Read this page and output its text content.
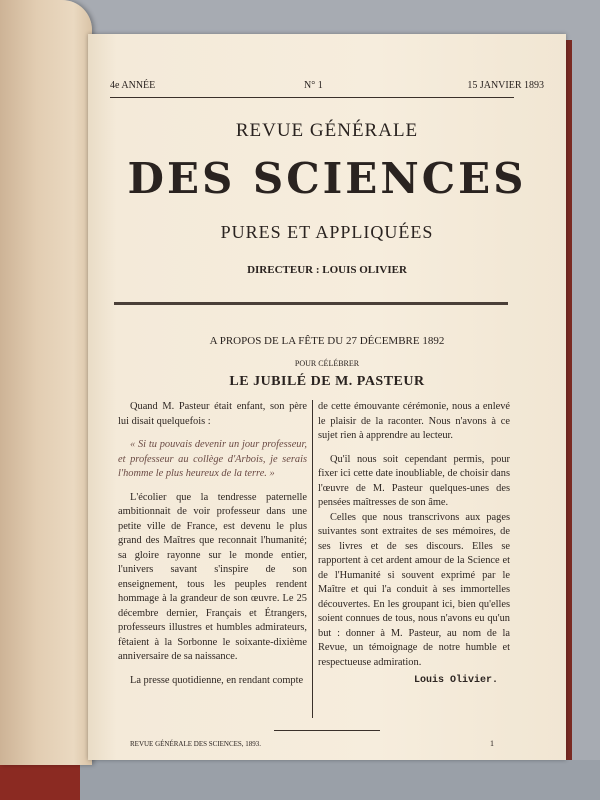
4e ANNÉE	N° 1	15 JANVIER 1893
REVUE GÉNÉRALE
DES SCIENCES
PURES ET APPLIQUÉES
DIRECTEUR : LOUIS OLIVIER
A PROPOS DE LA FÊTE DU 27 DÉCEMBRE 1892
POUR CÉLÉBRER
LE JUBILÉ DE M. PASTEUR

Quand M. Pasteur était enfant, son père lui disait quelquefois :

« Si tu pouvais devenir un jour professeur, et professeur au collège d'Arbois, je serais l'homme le plus heureux de la terre. »

L'écolier que la tendresse paternelle ambitionnait de voir professeur dans une petite ville de France, est devenu le plus grand des Maîtres que reconnait l'humanité; sa gloire rayonne sur le monde entier, l'univers savant s'inspire de son enseignement, tous les peuples rendent hommage à la grandeur de son œuvre. Le 25 décembre dernier, Français et Étrangers, professeurs illustres et humbles admirateurs, fêtaient à la Sorbonne le soixante-dixième anniversaire de sa naissance.

La presse quotidienne, en rendant compte

de cette émouvante cérémonie, nous a enlevé le plaisir de la raconter. Nous n'avons à ce sujet rien à apprendre au lecteur.

Qu'il nous soit cependant permis, pour fixer ici cette date inoubliable, de choisir dans l'œuvre de M. Pasteur quelques-unes des pensées maîtresses de son âme.

Celles que nous transcrivons aux pages suivantes sont extraites de ses mémoires, de ses livres et de ses discours. Elles se rapportent à cet ardent amour de la Science et de l'Humanité si souvent exprimé par le Maître et qui l'a conduit à ses immortelles découvertes. En les groupant ici, bien qu'elles soient connues de tous, nous n'avons eu qu'un but : donner à M. Pasteur, au nom de la Revue, un témoignage de notre humble et respectueuse admiration.

Louis Olivier.
REVUE GÉNÉRALE DES SCIENCES, 1893.	1
